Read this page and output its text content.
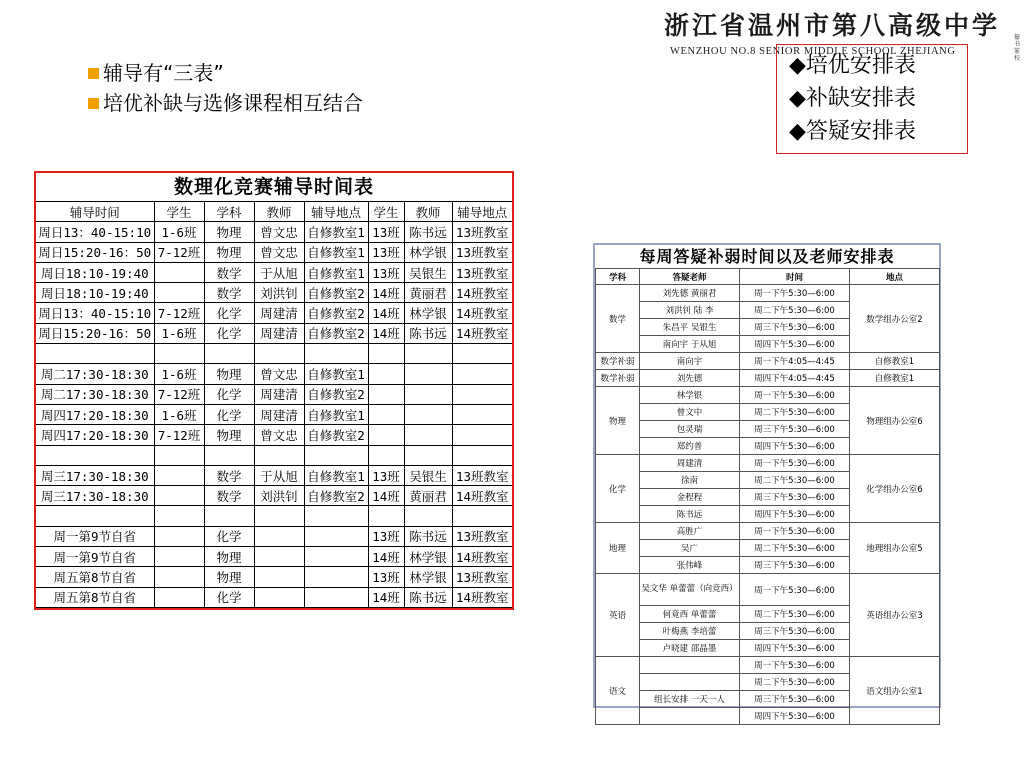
浙江省温州市第八高级中学
WENZHOU NO.8 SENIOR MIDDLE SCHOOL ZHEJIANG
籀书篆校
辅导有“三表”
培优补缺与选修课程相互结合
◆培优安排表
◆补缺安排表
◆答疑安排表
数理化竞赛辅导时间表
辅导时间	学生	学科	教师	辅导地点	学生	教师	辅导地点
周日13：40-15:10	1-6班	物理	曾文忠	自修教室1	13班	陈书远	13班教室
周日15:20-16：50	7-12班	物理	曾文忠	自修教室1	13班	林学银	13班教室
周日18:10-19:40		数学	于从旭	自修教室1	13班	吴银生	13班教室
周日18:10-19:40		数学	刘洪钊	自修教室2	14班	黄丽君	14班教室
周日13：40-15:10	7-12班	化学	周建清	自修教室2	14班	林学银	14班教室
周日15:20-16：50	1-6班	化学	周建清	自修教室2	14班	陈书远	14班教室

周二17:30-18:30	1-6班	物理	曾文忠	自修教室1			
周二17:30-18:30	7-12班	化学	周建清	自修教室2			
周四17:20-18:30	1-6班	化学	周建清	自修教室1			
周四17:20-18:30	7-12班	物理	曾文忠	自修教室2			

周三17:30-18:30		数学	于从旭	自修教室1	13班	吴银生	13班教室
周三17:30-18:30		数学	刘洪钊	自修教室2	14班	黄丽君	14班教室

周一第9节自省		化学			13班	陈书远	13班教室
周一第9节自省		物理			14班	林学银	14班教室
周五第8节自省		物理			13班	林学银	13班教室
周五第8节自省		化学			14班	陈书远	14班教室
每周答疑补弱时间以及老师安排表
学科	答疑老师	时间	地点
数学	刘先德 黄丽君	周一下午5:30—6:00	数学组办公室2
	刘洪钊 陆 李	周二下午5:30—6:00	
	朱昌平 吴银生	周三下午5:30—6:00	
	南向宇 于从旭	周四下午5:30—6:00	
数学补弱	南向宇	周一下午4:05—4:45	自修教室1
数学补弱	刘先德	周四下午4:05—4:45	自修教室1
物理	林学银	周一下午5:30—6:00	物理组办公室6
	曾文中	周二下午5:30—6:00	
	包灵瑞	周三下午5:30—6:00	
	郑约普	周四下午5:30—6:00	
化学	周建清	周一下午5:30—6:00	化学组办公室6
	徐南	周二下午5:30—6:00	
	金程程	周三下午5:30—6:00	
	陈书远	周四下午5:30—6:00	
地理	高胜广	周一下午5:30—6:00	地理组办公室5
	吴广	周二下午5:30—6:00	
	张伟峰	周三下午5:30—6:00	
英语	吴文华 单蕾蕾（向竞西）	周一下午5:30—6:00	英语组办公室3
	何竟西 单蕾蕾	周二下午5:30—6:00	
	叶梅燕 李培蕾	周三下午5:30—6:00	
	卢晓建 邵晶墨	周四下午5:30—6:00	
语文		周一下午5:30—6:00	语文组办公室1
		周二下午5:30—6:00	
	组长安排 一天一人	周三下午5:30—6:00	
		周四下午5:30—6:00	
